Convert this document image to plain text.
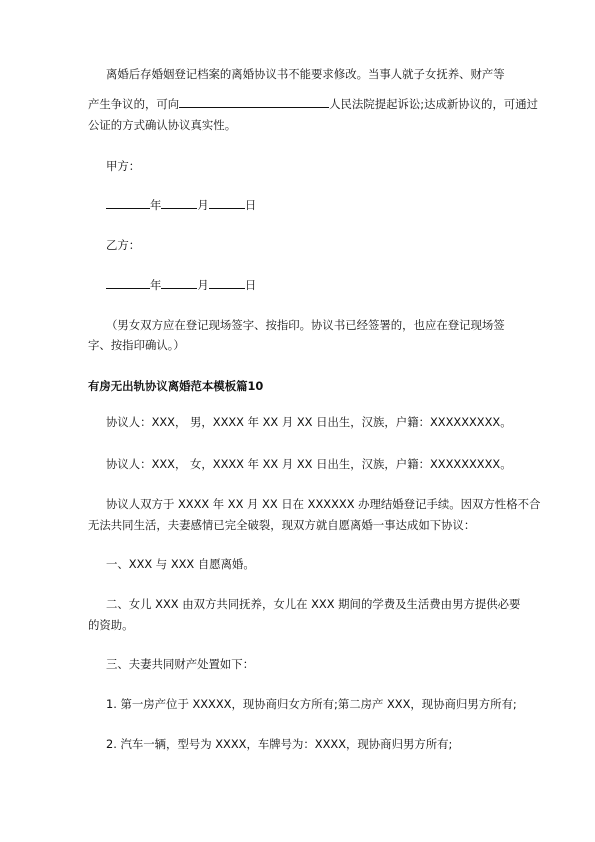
离婚后存婚姻登记档案的离婚协议书不能要求修改。当事人就子女抚养、财产等
产生争议的，可向	人民法院提起诉讼;达成新协议的，可通过
公证的方式确认协议真实性。
甲方：
年	月	日
乙方：
年	月	日
（男女双方应在登记现场签字、按指印。协议书已经签署的，也应在登记现场签
字、按指印确认。）
有房无出轨协议离婚范本模板篇10
协议人：XXX， 男，XXXX 年 XX 月 XX 日出生，汉族，户籍：XXXXXXXXX。
协议人：XXX， 女，XXXX 年 XX 月 XX 日出生，汉族，户籍：XXXXXXXXX。
协议人双方于 XXXX 年 XX 月 XX 日在 XXXXXX 办理结婚登记手续。因双方性格不合
无法共同生活，夫妻感情已完全破裂，现双方就自愿离婚一事达成如下协议：
一、XXX 与 XXX 自愿离婚。
二、女儿 XXX 由双方共同抚养，女儿在 XXX 期间的学费及生活费由男方提供必要
的资助。
三、夫妻共同财产处置如下：
1. 第一房产位于 XXXXX，现协商归女方所有;第二房产 XXX，现协商归男方所有;
2. 汽车一辆，型号为 XXXX，车牌号为：XXXX，现协商归男方所有;
